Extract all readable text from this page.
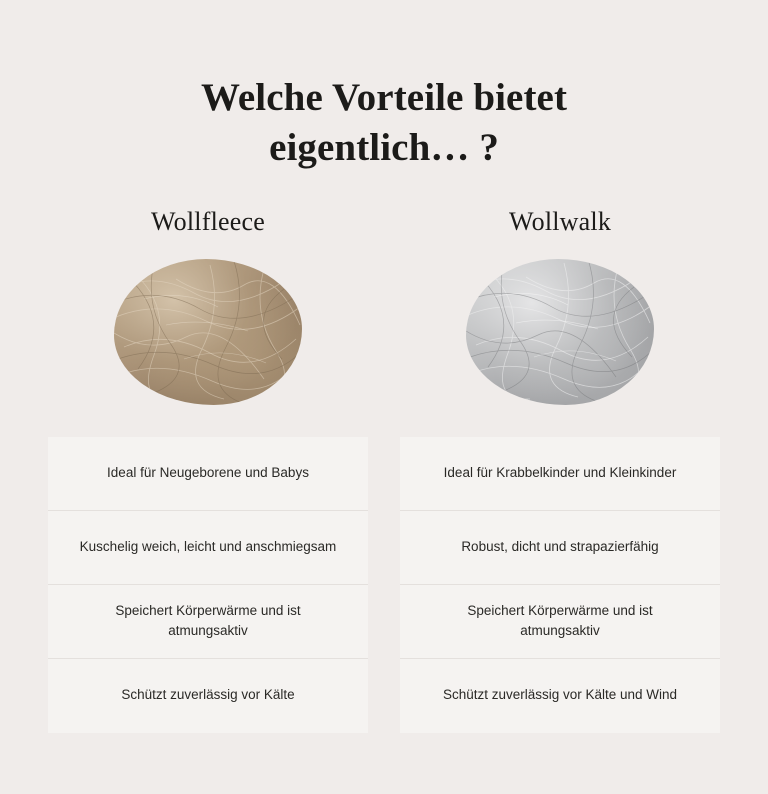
Welche Vorteile bietet
eigentlich… ?
Wollfleece
Ideal für Neugeborene und Babys
Kuschelig weich, leicht und anschmiegsam
Speichert Körperwärme und ist atmungsaktiv
Schützt zuverlässig vor Kälte
Wollwalk
Ideal für Krabbelkinder und Kleinkinder
Robust, dicht und strapazierfähig
Speichert Körperwärme und ist atmungsaktiv
Schützt zuverlässig vor Kälte und Wind
